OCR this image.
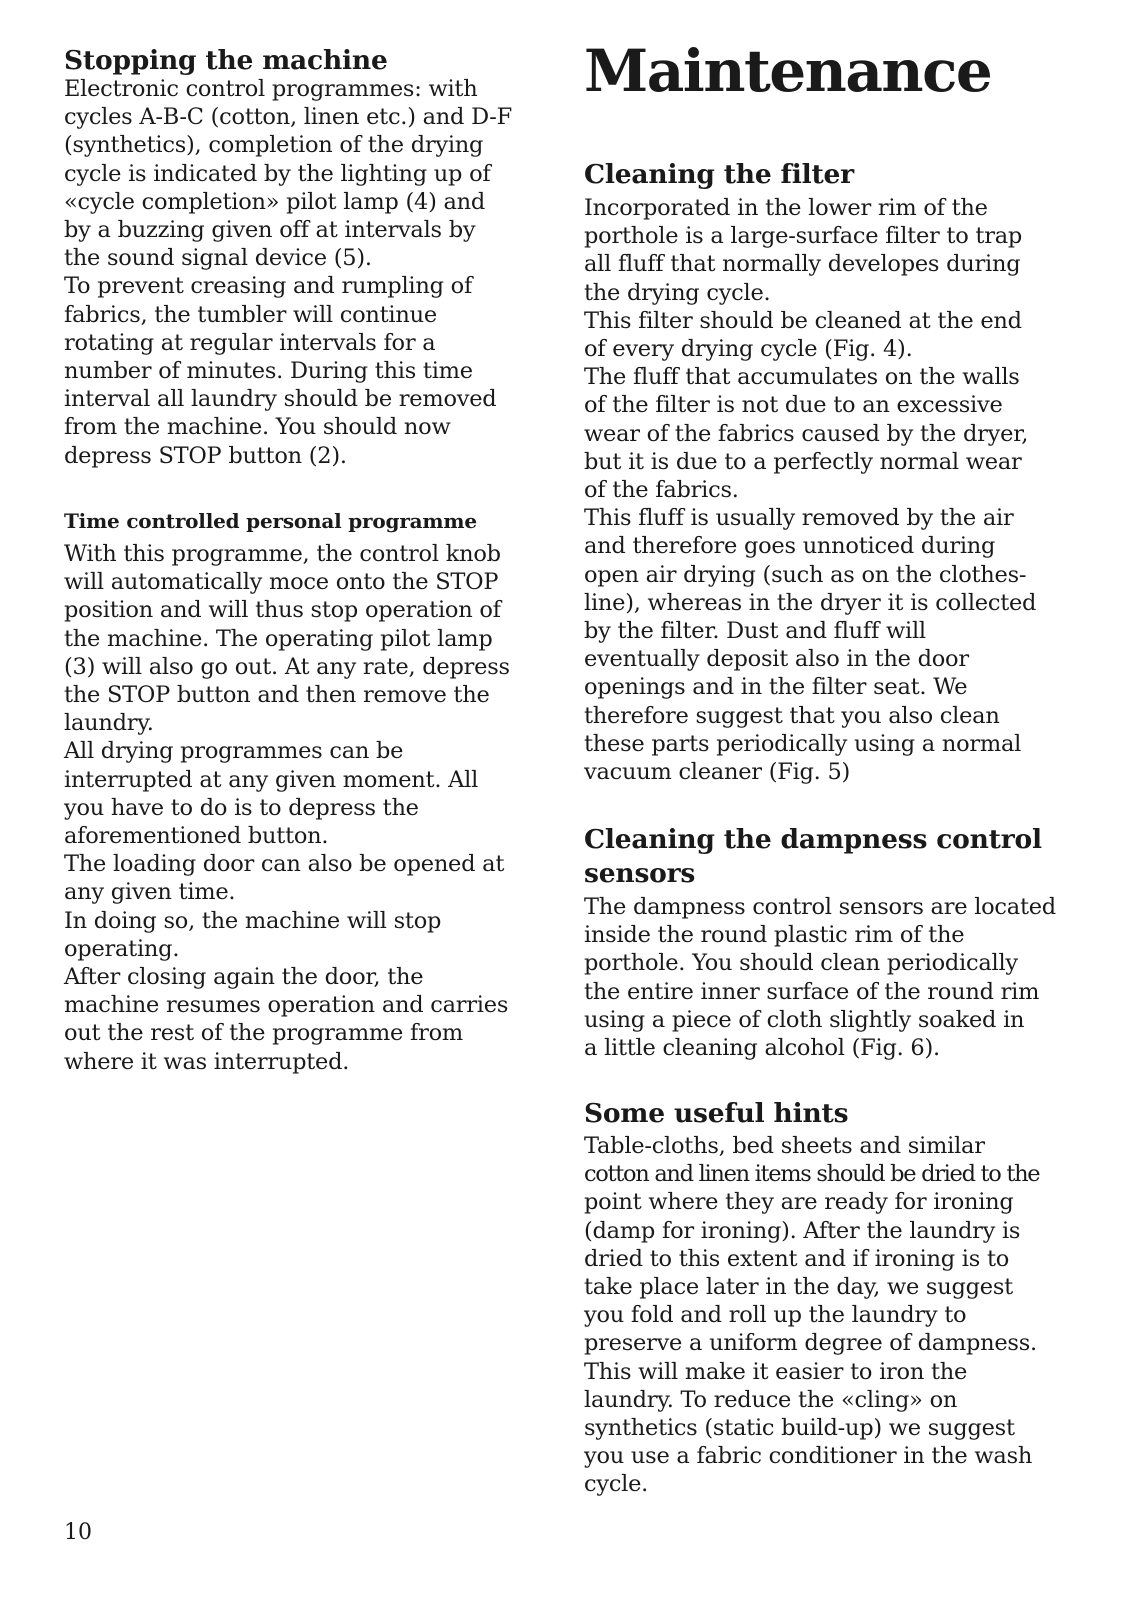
Stopping the machine
Electronic control programmes: with
cycles A-B-C (cotton, linen etc.) and D-F
(synthetics), completion of the drying
cycle is indicated by the lighting up of
«cycle completion» pilot lamp (4) and
by a buzzing given off at intervals by
the sound signal device (5).
To prevent creasing and rumpling of
fabrics, the tumbler will continue
rotating at regular intervals for a
number of minutes. During this time
interval all laundry should be removed
from the machine. You should now
depress STOP button (2).
Time controlled personal programme
With this programme, the control knob
will automatically moce onto the STOP
position and will thus stop operation of
the machine. The operating pilot lamp
(3) will also go out. At any rate, depress
the STOP button and then remove the
laundry.
All drying programmes can be
interrupted at any given moment. All
you have to do is to depress the
aforementioned button.
The loading door can also be opened at
any given time.
In doing so, the machine will stop
operating.
After closing again the door, the
machine resumes operation and carries
out the rest of the programme from
where it was interrupted.
Maintenance
Cleaning the filter
Incorporated in the lower rim of the
porthole is a large-surface filter to trap
all fluff that normally developes during
the drying cycle.
This filter should be cleaned at the end
of every drying cycle (Fig. 4).
The fluff that accumulates on the walls
of the filter is not due to an excessive
wear of the fabrics caused by the dryer,
but it is due to a perfectly normal wear
of the fabrics.
This fluff is usually removed by the air
and therefore goes unnoticed during
open air drying (such as on the clothes-
line), whereas in the dryer it is collected
by the filter. Dust and fluff will
eventually deposit also in the door
openings and in the filter seat. We
therefore suggest that you also clean
these parts periodically using a normal
vacuum cleaner (Fig. 5)
Cleaning the dampness control
sensors
The dampness control sensors are located
inside the round plastic rim of the
porthole. You should clean periodically
the entire inner surface of the round rim
using a piece of cloth slightly soaked in
a little cleaning alcohol (Fig. 6).
Some useful hints
Table-cloths, bed sheets and similar
cotton and linen items should be dried to the
point where they are ready for ironing
(damp for ironing). After the laundry is
dried to this extent and if ironing is to
take place later in the day, we suggest
you fold and roll up the laundry to
preserve a uniform degree of dampness.
This will make it easier to iron the
laundry. To reduce the «cling» on
synthetics (static build-up) we suggest
you use a fabric conditioner in the wash
cycle.
10
